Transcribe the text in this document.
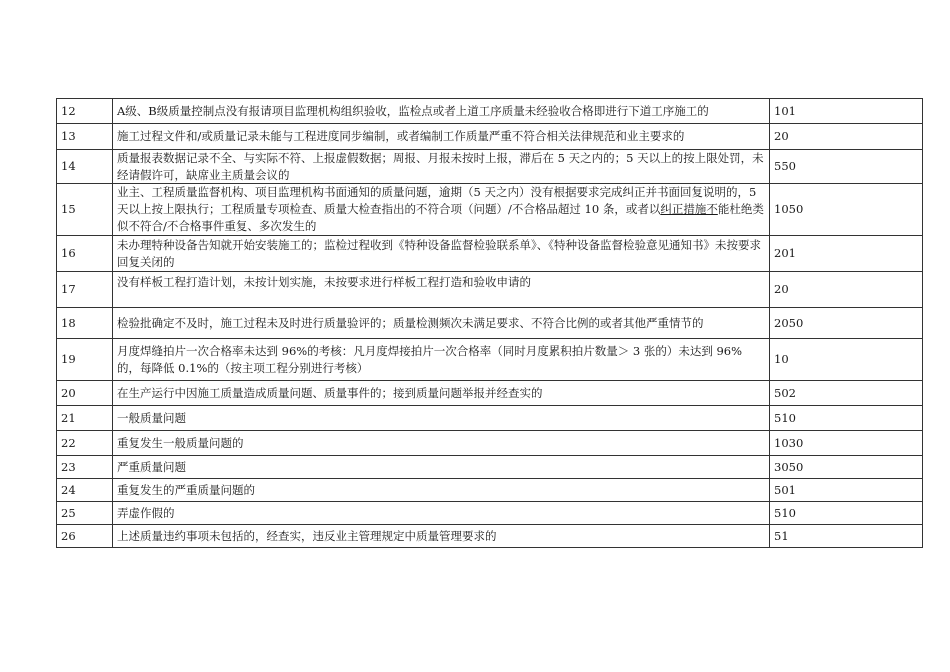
12	A级、B级质量控制点没有报请项目监理机构组织验收，监检点或者上道工序质量未经验收合格即进行下道工序施工的	101
13	施工过程文件和/或质量记录未能与工程进度同步编制，或者编制工作质量严重不符合相关法律规范和业主要求的	20
14	质量报表数据记录不全、与实际不符、上报虚假数据；周报、月报未按时上报，滞后在 5 天之内的；5 天以上的按上限处罚，未经请假许可，缺席业主质量会议的	550
15	业主、工程质量监督机构、项目监理机构书面通知的质量问题，逾期（5 天之内）没有根据要求完成纠正并书面回复说明的，5 天以上按上限执行；工程质量专项检查、质量大检查指出的不符合项（问题）/不合格品超过 10 条，或者以纠正措施不能杜绝类似不符合/不合格事件重复、多次发生的	1050
16	未办理特种设备告知就开始安装施工的；监检过程收到《特种设备监督检验联系单》、《特种设备监督检验意见通知书》未按要求回复关闭的	201
17	没有样板工程打造计划，未按计划实施，未按要求进行样板工程打造和验收申请的	20
18	检验批确定不及时，施工过程未及时进行质量验评的；质量检测频次未满足要求、不符合比例的或者其他严重情节的	2050
19	月度焊缝拍片一次合格率未达到 96%的考核：凡月度焊接拍片一次合格率（同时月度累积拍片数量＞ 3 张的）未达到 96%的，每降低 0.1%的（按主项工程分别进行考核）	10
20	在生产运行中因施工质量造成质量问题、质量事件的；接到质量问题举报并经查实的	502
21	一般质量问题	510
22	重复发生一般质量问题的	1030
23	严重质量问题	3050
24	重复发生的严重质量问题的	501
25	弄虚作假的	510
26	上述质量违约事项未包括的，经查实，违反业主管理规定中质量管理要求的	51
